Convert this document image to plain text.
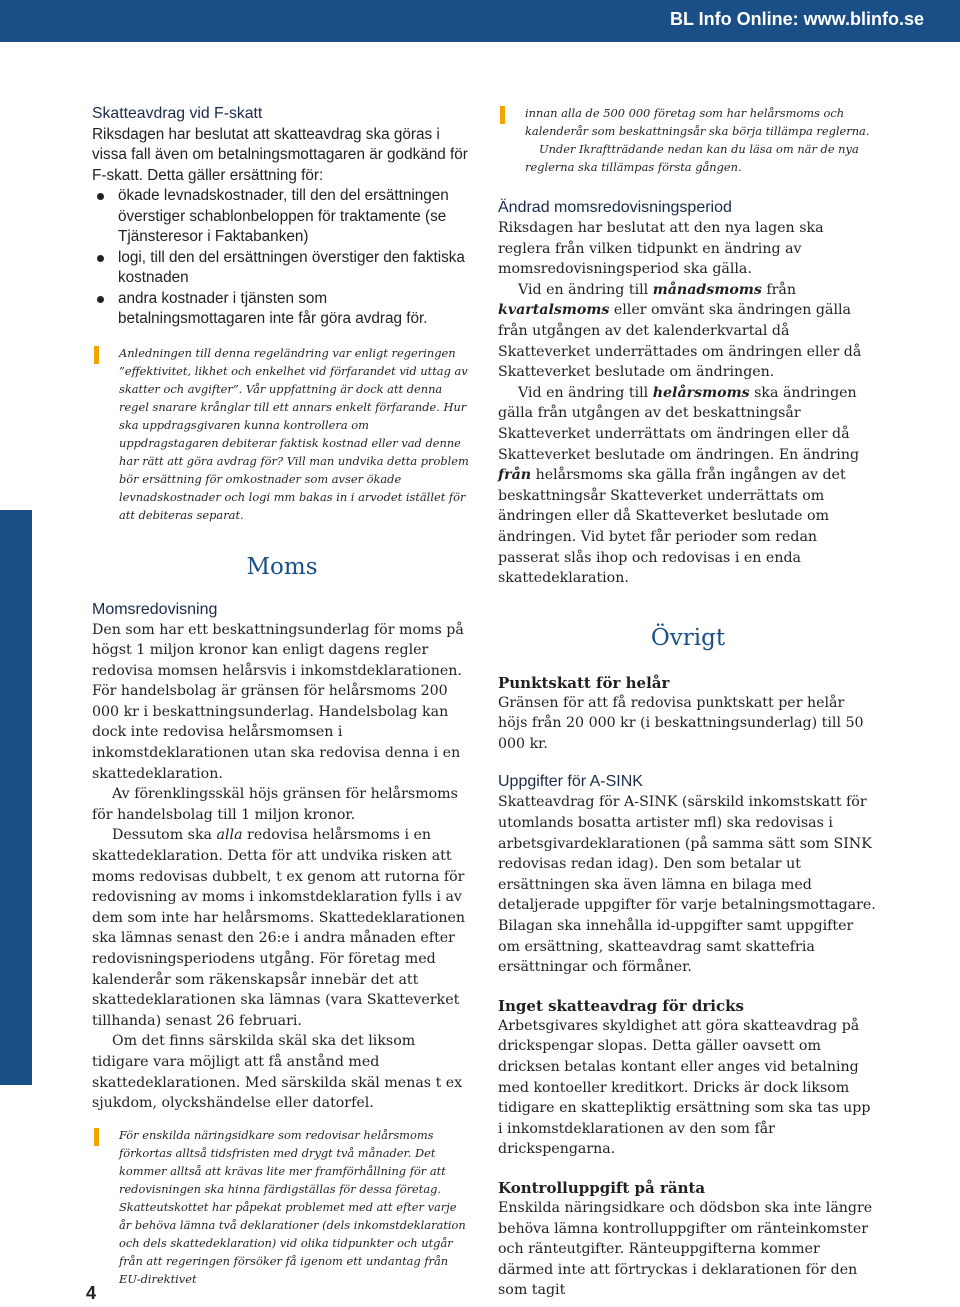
BL Info Online: www.blinfo.se
Skatteavdrag vid F-skatt
Riksdagen har beslutat att skatteavdrag ska göras i vissa fall även om betalningsmottagaren är godkänd för F-skatt. Detta gäller ersättning för:
ökade levnadskostnader, till den del ersättningen överstiger schablonbeloppen för traktamente (se Tjänsteresor i Faktabanken)
logi, till den del ersättningen överstiger den faktiska kostnaden
andra kostnader i tjänsten som betalningsmottagaren inte får göra avdrag för.
Anledningen till denna regeländring var enligt regeringen ”effektivitet, likhet och enkelhet vid förfarandet vid uttag av skatter och avgifter”. Vår uppfattning är dock att denna regel snarare krånglar till ett annars enkelt förfarande. Hur ska uppdragsgivaren kunna kontrollera om uppdragstagaren debiterar faktisk kostnad eller vad denne har rätt att göra avdrag för? Vill man undvika detta problem bör ersättning för omkostnader som avser ökade levnadskostnader och logi mm bakas in i arvodet istället för att debiteras separat.
Moms
Momsredovisning

Den som har ett beskattningsunderlag för moms på högst 1 miljon kronor kan enligt dagens regler redovisa momsen helårsvis i inkomstdeklarationen. För handelsbolag är gränsen för helårsmoms 200 000 kr i beskattningsunderlag. Handelsbolag kan dock inte redovisa helårsmomsen i inkomstdeklarationen utan ska redovisa denna i en skattedeklaration.

Av förenklingsskäl höjs gränsen för helårsmoms för handelsbolag till 1 miljon kronor.

Dessutom ska alla redovisa helårsmoms i en skattedeklaration. Detta för att undvika risken att moms redovisas dubbelt, t ex genom att rutorna för redovisning av moms i inkomstdeklaration fylls i av dem som inte har helårsmoms. Skattedeklarationen ska lämnas senast den 26:e i andra månaden efter redovisningsperiodens utgång. För företag med kalenderår som räkenskapsår innebär det att skattedeklarationen ska lämnas (vara Skatteverket tillhanda) senast 26 februari.

Om det finns särskilda skäl ska det liksom tidigare vara möjligt att få anstånd med skattedeklarationen. Med särskilda skäl menas t ex sjukdom, olyckshändelse eller datorfel.

För enskilda näringsidkare som redovisar helårsmoms förkortas alltså tidsfristen med drygt två månader. Det kommer alltså att krävas lite mer framförhållning för att redovisningen ska hinna färdigställas för dessa företag. Skatteutskottet har påpekat problemet med att efter varje år behöva lämna två deklarationer (dels inkomstdeklaration och dels skattedeklaration) vid olika tidpunkter och utgår från att regeringen försöker få igenom ett undantag från EU-direktivet
innan alla de 500 000 företag som har helårsmoms och kalenderår som beskattningsår ska börja tillämpa reglerna.
Under Ikraftträdande nedan kan du läsa om när de nya reglerna ska tillämpas första gången.
Ändrad momsredovisningsperiod

Riksdagen har beslutat att den nya lagen ska reglera från vilken tidpunkt en ändring av momsredovisningsperiod ska gälla.

Vid en ändring till månadsmoms från kvartalsmoms eller omvänt ska ändringen gälla från utgången av det kalenderkvartal då Skatteverket underrättades om ändringen eller då Skatteverket beslutade om ändringen.

Vid en ändring till helårsmoms ska ändringen gälla från utgången av det beskattningsår Skatteverket underrättats om ändringen eller då Skatteverket beslutade om ändringen. En ändring från helårsmoms ska gälla från ingången av det beskattningsår Skatteverket underrättats om ändringen eller då Skatteverket beslutade om ändringen. Vid bytet får perioder som redan passerat slås ihop och redovisas i en enda skattedeklaration.

Övrigt
Punktskatt för helår
Gränsen för att få redovisa punktskatt per helår höjs från 20 000 kr (i beskattningsunderlag) till 50 000 kr.
Uppgifter för A-SINK
Skatteavdrag för A-SINK (särskild inkomstskatt för utomlands bosatta artister mfl) ska redovisas i arbetsgivardeklarationen (på samma sätt som SINK redovisas redan idag). Den som betalar ut ersättningen ska även lämna en bilaga med detaljerade uppgifter för varje betalningsmottagare. Bilagan ska innehålla id-uppgifter samt uppgifter om ersättning, skatteavdrag samt skattefria ersättningar och förmåner.
Inget skatteavdrag för dricks
Arbetsgivares skyldighet att göra skatteavdrag på drickspengar slopas. Detta gäller oavsett om dricksen betalas kontant eller anges vid betalning med kontoeller kreditkort. Dricks är dock liksom tidigare en skattepliktig ersättning som ska tas upp i inkomstdeklarationen av den som får drickspengarna.
Kontrolluppgift på ränta
Enskilda näringsidkare och dödsbon ska inte längre behöva lämna kontrolluppgifter om ränteinkomster och ränteutgifter. Ränteuppgifterna kommer därmed inte att förtryckas i deklarationen för den som tagit
4
